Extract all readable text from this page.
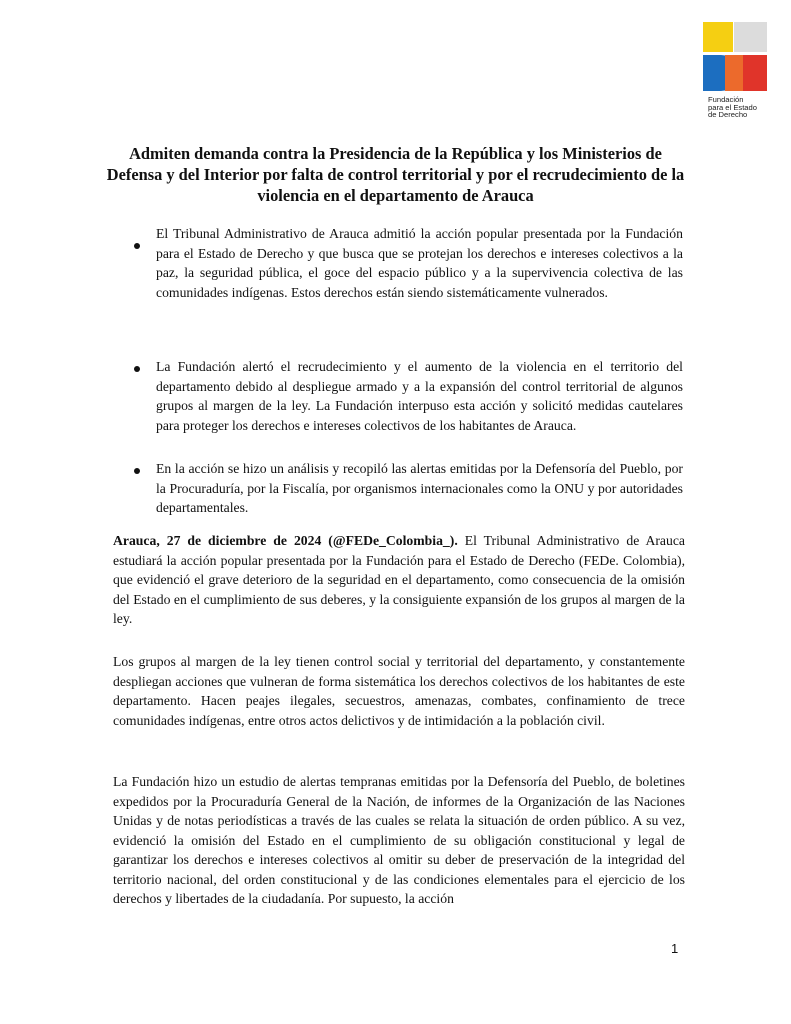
Fundación
para el Estado
de Derecho
Admiten demanda contra la Presidencia de la República y los Ministerios de Defensa y del Interior por falta de control territorial y por el recrudecimiento de la violencia en el departamento de Arauca

El Tribunal Administrativo de Arauca admitió la acción popular presentada por la Fundación para el Estado de Derecho y que busca que se protejan los derechos e intereses colectivos a la paz, la seguridad pública, el goce del espacio público y a la supervivencia colectiva de las comunidades indígenas. Estos derechos están siendo sistemáticamente vulnerados.

La Fundación alertó el recrudecimiento y el aumento de la violencia en el territorio del departamento debido al despliegue armado y a la expansión del control territorial de algunos grupos al margen de la ley. La Fundación interpuso esta acción y solicitó medidas cautelares para proteger los derechos e intereses colectivos de los habitantes de Arauca.

En la acción se hizo un análisis y recopiló las alertas emitidas por la Defensoría del Pueblo, por la Procuraduría, por la Fiscalía, por organismos internacionales como la ONU y por autoridades departamentales.

Arauca, 27 de diciembre de 2024 (@FEDe_Colombia_). El Tribunal Administrativo de Arauca estudiará la acción popular presentada por la Fundación para el Estado de Derecho (FEDe. Colombia), que evidenció el grave deterioro de la seguridad en el departamento, como consecuencia de la omisión del Estado en el cumplimiento de sus deberes, y la consiguiente expansión de los grupos al margen de la ley.

Los grupos al margen de la ley tienen control social y territorial del departamento, y constantemente despliegan acciones que vulneran de forma sistemática los derechos colectivos de los habitantes de este departamento. Hacen peajes ilegales, secuestros, amenazas, combates, confinamiento de trece comunidades indígenas, entre otros actos delictivos y de intimidación a la población civil.

La Fundación hizo un estudio de alertas tempranas emitidas por la Defensoría del Pueblo, de boletines expedidos por la Procuraduría General de la Nación, de informes de la Organización de las Naciones Unidas y de notas periodísticas a través de las cuales se relata la situación de orden público. A su vez, evidenció la omisión del Estado en el cumplimiento de su obligación constitucional y legal de garantizar los derechos e intereses colectivos al omitir su deber de preservación de la integridad del territorio nacional, del orden constitucional y de las condiciones elementales para el ejercicio de los derechos y libertades de la ciudadanía. Por supuesto, la acción

1
